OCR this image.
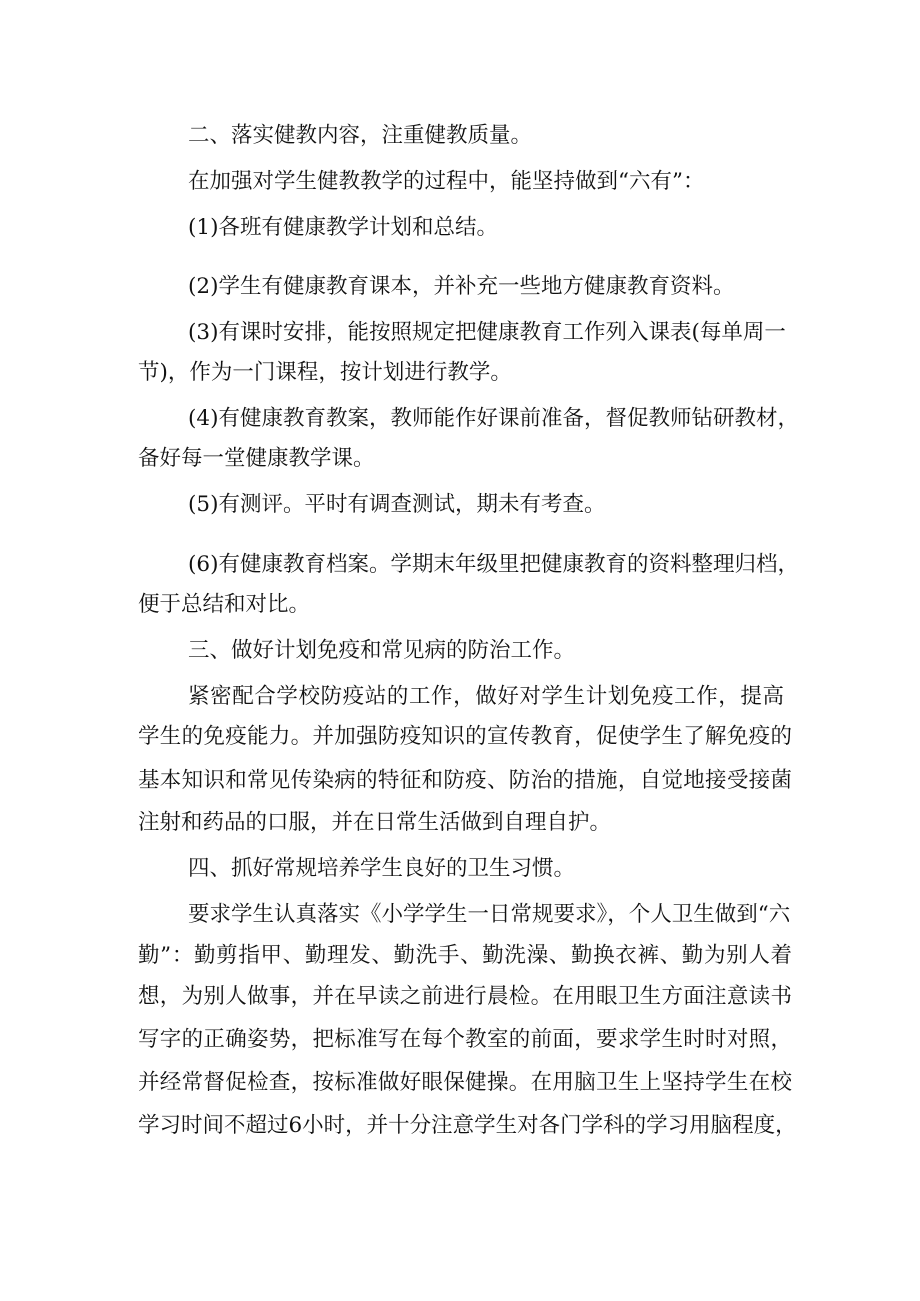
二、落实健教内容，注重健教质量。
在加强对学生健教教学的过程中，能坚持做到“六有”：
(1)各班有健康教学计划和总结。
(2)学生有健康教育课本，并补充一些地方健康教育资料。
(3)有课时安排，能按照规定把健康教育工作列入课表(每单周一
节)，作为一门课程，按计划进行教学。
(4)有健康教育教案，教师能作好课前准备，督促教师钻研教材，
备好每一堂健康教学课。
(5)有测评。平时有调查测试，期未有考查。
(6)有健康教育档案。学期末年级里把健康教育的资料整理归档，
便于总结和对比。
三、做好计划免疫和常见病的防治工作。
紧密配合学校防疫站的工作，做好对学生计划免疫工作，提高
学生的免疫能力。并加强防疫知识的宣传教育，促使学生了解免疫的
基本知识和常见传染病的特征和防疫、防治的措施，自觉地接受接菌
注射和药品的口服，并在日常生活做到自理自护。
四、抓好常规培养学生良好的卫生习惯。
要求学生认真落实《小学学生一日常规要求》，个人卫生做到“六
勤”：勤剪指甲、勤理发、勤洗手、勤洗澡、勤换衣裤、勤为别人着
想，为别人做事，并在早读之前进行晨检。在用眼卫生方面注意读书
写字的正确姿势，把标准写在每个教室的前面，要求学生时时对照，
并经常督促检查，按标准做好眼保健操。在用脑卫生上坚持学生在校
学习时间不超过6小时，并十分注意学生对各门学科的学习用脑程度，
